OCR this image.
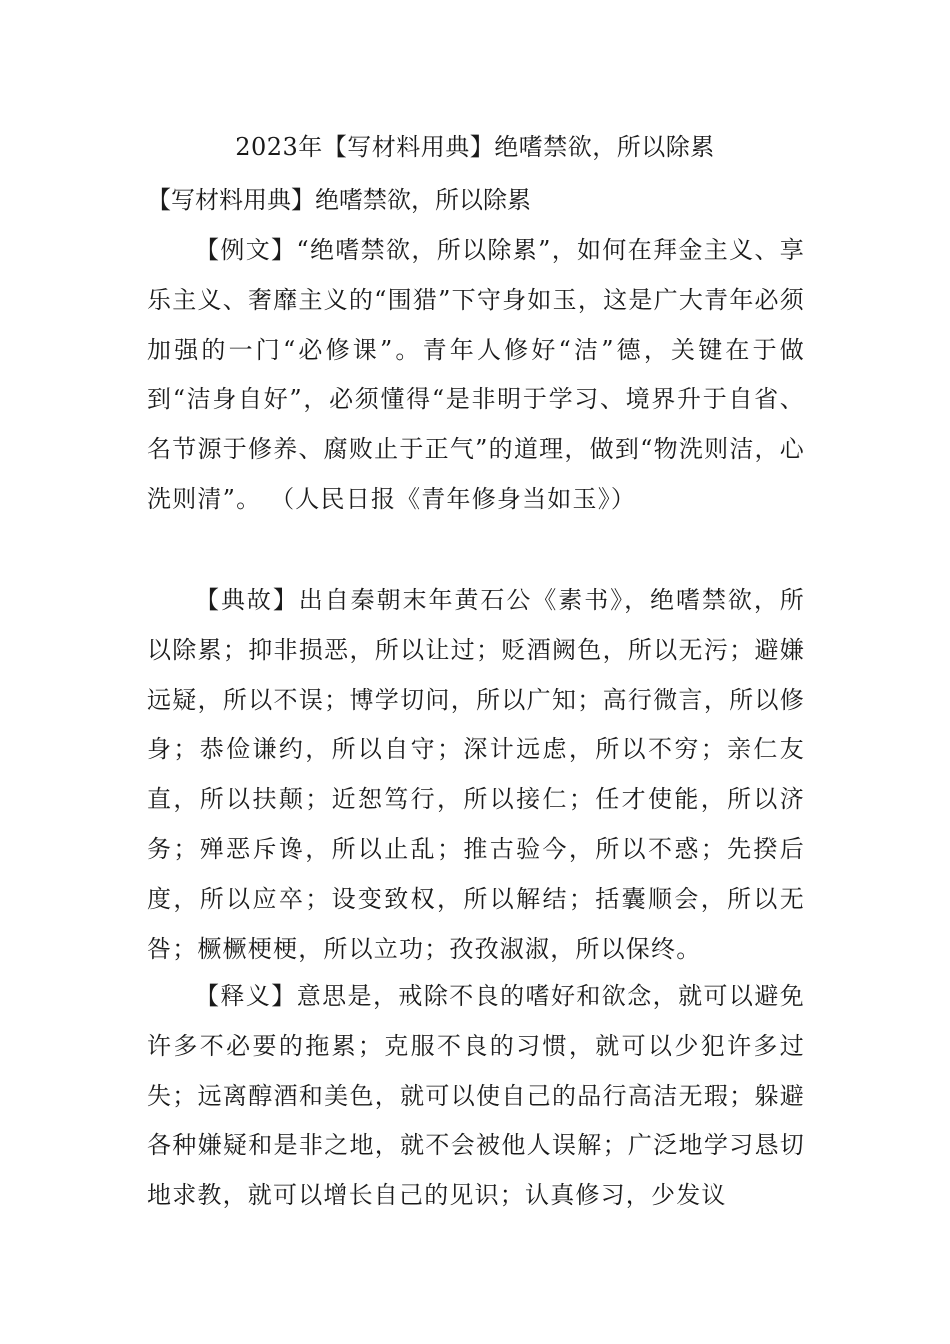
2023年【写材料用典】绝嗜禁欲，所以除累

【写材料用典】绝嗜禁欲，所以除累

【例文】“绝嗜禁欲，所以除累”，如何在拜金主义、享乐主义、奢靡主义的“围猎”下守身如玉，这是广大青年必须加强的一门“必修课”。青年人修好“洁”德，关键在于做到“洁身自好”，必须懂得“是非明于学习、境界升于自省、名节源于修养、腐败止于正气”的道理，做到“物洗则洁，心洗则清”。 （人民日报《青年修身当如玉》）

【典故】出自秦朝末年黄石公《素书》，绝嗜禁欲，所以除累；抑非损恶，所以让过；贬酒阙色，所以无污；避嫌远疑，所以不误；博学切问，所以广知；高行微言，所以修身；恭俭谦约，所以自守；深计远虑，所以不穷；亲仁友直，所以扶颠；近恕笃行，所以接仁；任才使能，所以济务；殚恶斥谗，所以止乱；推古验今，所以不惑；先揆后度，所以应卒；设变致权，所以解结；括囊顺会，所以无咎；橛橛梗梗，所以立功；孜孜淑淑，所以保终。

【释义】意思是，戒除不良的嗜好和欲念，就可以避免许多不必要的拖累；克服不良的习惯，就可以少犯许多过失；远离醇酒和美色，就可以使自己的品行高洁无瑕；躲避各种嫌疑和是非之地，就不会被他人误解；广泛地学习恳切地求教，就可以增长自己的见识；认真修习，少发议
